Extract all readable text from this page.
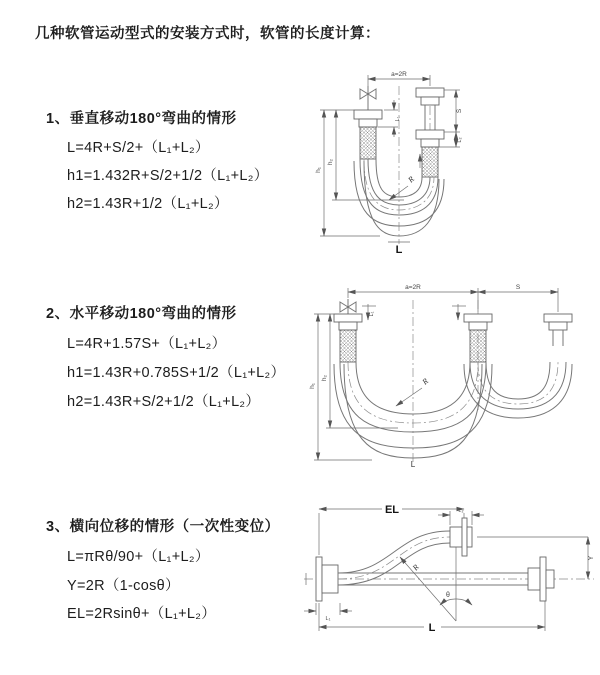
几种软管运动型式的安装方式时，软管的长度计算：
1、垂直移动180°弯曲的情形
L=4R+S/2+（L₁+L₂）
h1=1.432R+S/2+1/2（L₁+L₂）
h2=1.43R+1/2（L₁+L₂）
a=2R
R
h₁
h₂
L₁
S
L₂
L
2、水平移动180°弯曲的情形
L=4R+1.57S+（L₁+L₂）
h1=1.43R+0.785S+1/2（L₁+L₂）
h2=1.43R+S/2+1/2（L₁+L₂）
a=2R	S
h₁
h₂
L₁
R
L
3、横向位移的情形（一次性变位）
L=πRθ/90+（L₁+L₂）
Y=2R（1-cosθ）
EL=2Rsinθ+（L₁+L₂）
EL	L₂
Y
R
θ
L₁
L
